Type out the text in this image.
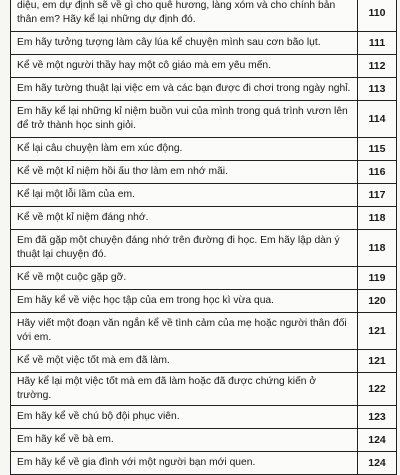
diệu, em dự định sẽ về gì cho quê hương, làng xóm và cho chính bản thân em? Hãy kể lại những dự định đó.	110
Em hãy tưởng tượng làm cây lúa kể chuyện mình sau cơn bão lụt.	111
Kể về một người thầy hay một cô giáo mà em yêu mến.	112
Em hãy tường thuật lại việc em và các bạn được đi chơi trong ngày nghỉ.	113
Em hãy kể lại những kỉ niệm buồn vui của mình trong quá trình vươn lên để trở thành học sinh giỏi.	114
Kể lại câu chuyện làm em xúc động.	115
Kể về một kỉ niệm hồi ấu thơ làm em nhớ mãi.	116
Kể lại một lỗi lầm của em.	117
Kể về một kỉ niệm đáng nhớ.	118
Em đã gặp một chuyện đáng nhớ trên đường đi học. Em hãy lập dàn ý thuật lại chuyện đó.	118
Kể về một cuộc gặp gỡ.	119
Em hãy kể về việc học tập của em trong học kì vừa qua.	120
Hãy viết một đoạn văn ngắn kể về tình cảm của mẹ hoặc người thân đối với em.	121
Kể về một việc tốt mà em đã làm.	121
Hãy kể lại một việc tốt mà em đã làm hoặc đã được chứng kiến ở trường.	122
Em hãy kể về chú bộ đội phục viên.	123
Em hãy kể về bà em.	124
Em hãy kể về gia đình với một người bạn mới quen.	124
